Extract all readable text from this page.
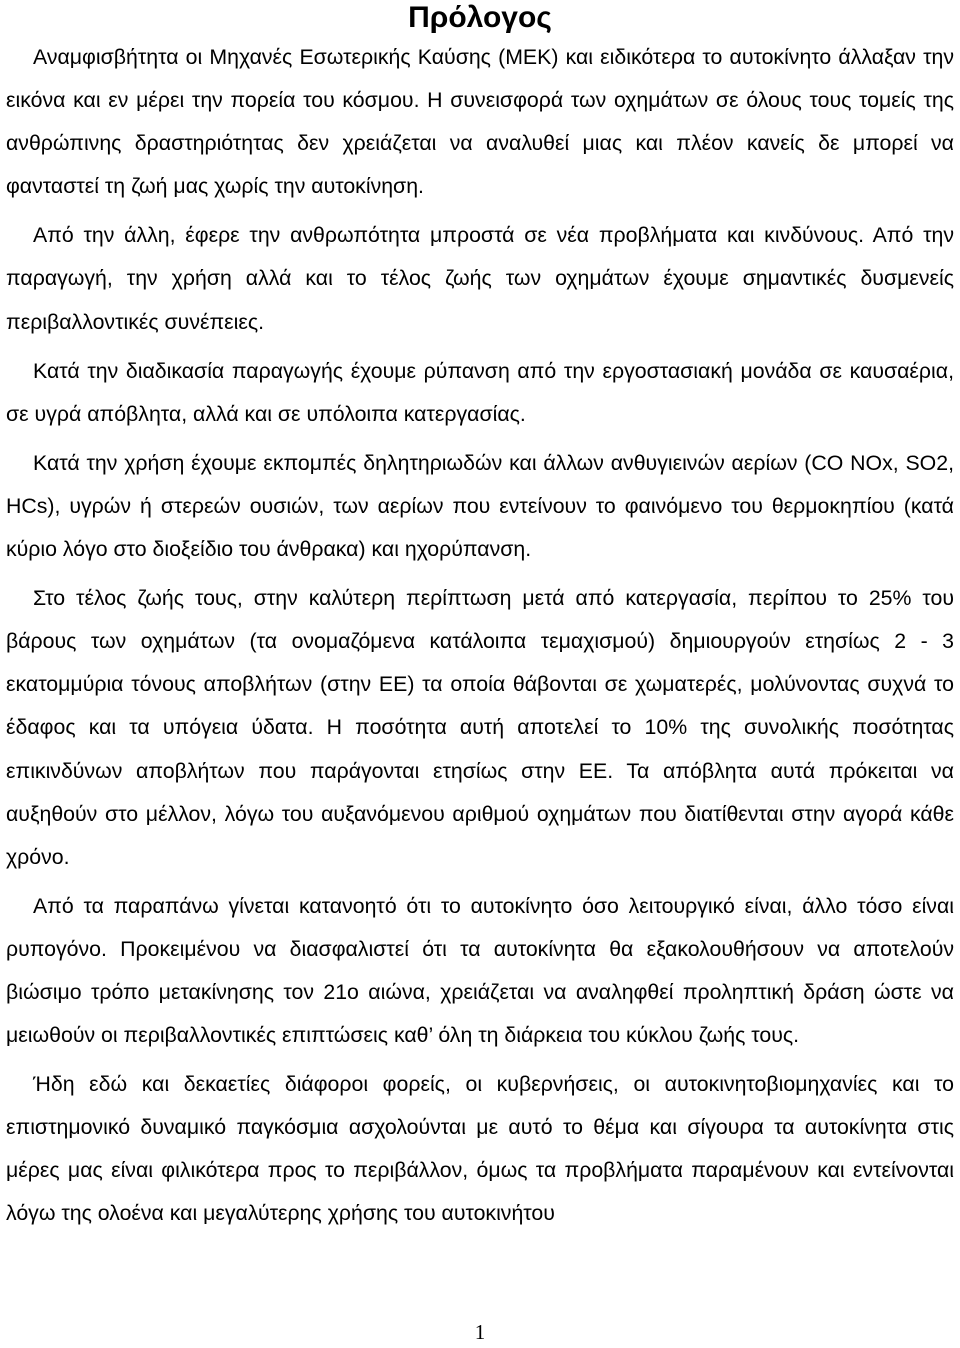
Πρόλογος

Αναμφισβήτητα οι Μηχανές Εσωτερικής Καύσης (ΜΕΚ) και ειδικότερα το αυτοκίνητο άλλαξαν την εικόνα και εν μέρει την πορεία του κόσμου. Η συνεισφορά των οχημάτων σε όλους τους τομείς της ανθρώπινης δραστηριότητας δεν χρειάζεται να αναλυθεί μιας και πλέον κανείς δε μπορεί να φανταστεί τη ζωή μας χωρίς την αυτοκίνηση.

Από την άλλη, έφερε την ανθρωπότητα μπροστά σε νέα προβλήματα και κινδύνους. Από την παραγωγή, την χρήση αλλά και το τέλος ζωής των οχημάτων έχουμε σημαντικές δυσμενείς περιβαλλοντικές συνέπειες.

Κατά την διαδικασία παραγωγής έχουμε ρύπανση από την εργοστασιακή μονάδα σε καυσαέρια, σε υγρά απόβλητα, αλλά και σε υπόλοιπα κατεργασίας.

Κατά την χρήση έχουμε εκπομπές δηλητηριωδών και άλλων ανθυγιεινών αερίων (CO NOx, SO2, HCs), υγρών ή στερεών ουσιών, των αερίων που εντείνουν το φαινόμενο του θερμοκηπίου (κατά κύριο λόγο στο διοξείδιο του άνθρακα) και ηχορύπανση.

Στο τέλος ζωής τους, στην καλύτερη περίπτωση μετά από κατεργασία, περίπου το 25% του βάρους των οχημάτων (τα ονομαζόμενα κατάλοιπα τεμαχισμού) δημιουργούν ετησίως 2 - 3 εκατομμύρια τόνους αποβλήτων (στην ΕΕ) τα οποία θάβονται σε χωματερές, μολύνοντας συχνά το έδαφος και τα υπόγεια ύδατα. Η ποσότητα αυτή αποτελεί το 10% της συνολικής ποσότητας επικινδύνων αποβλήτων που παράγονται ετησίως στην ΕΕ. Τα απόβλητα αυτά πρόκειται να αυξηθούν στο μέλλον, λόγω του αυξανόμενου αριθμού οχημάτων που διατίθενται στην αγορά κάθε χρόνο.

Από τα παραπάνω γίνεται κατανοητό ότι το αυτοκίνητο όσο λειτουργικό είναι, άλλο τόσο είναι ρυπογόνο. Προκειμένου να διασφαλιστεί ότι τα αυτοκίνητα θα εξακολουθήσουν να αποτελούν βιώσιμο τρόπο μετακίνησης τον 21ο αιώνα, χρειάζεται να αναληφθεί προληπτική δράση ώστε να μειωθούν οι περιβαλλοντικές επιπτώσεις καθ’ όλη τη διάρκεια του κύκλου ζωής τους.

Ήδη εδώ και δεκαετίες διάφοροι φορείς, οι κυβερνήσεις, οι αυτοκινητοβιομηχανίες και το επιστημονικό δυναμικό παγκόσμια ασχολούνται με αυτό το θέμα και σίγουρα τα αυτοκίνητα στις μέρες μας είναι φιλικότερα προς το περιβάλλον, όμως τα προβλήματα παραμένουν και εντείνονται λόγω της ολοένα και μεγαλύτερης χρήσης του αυτοκινήτου

1
